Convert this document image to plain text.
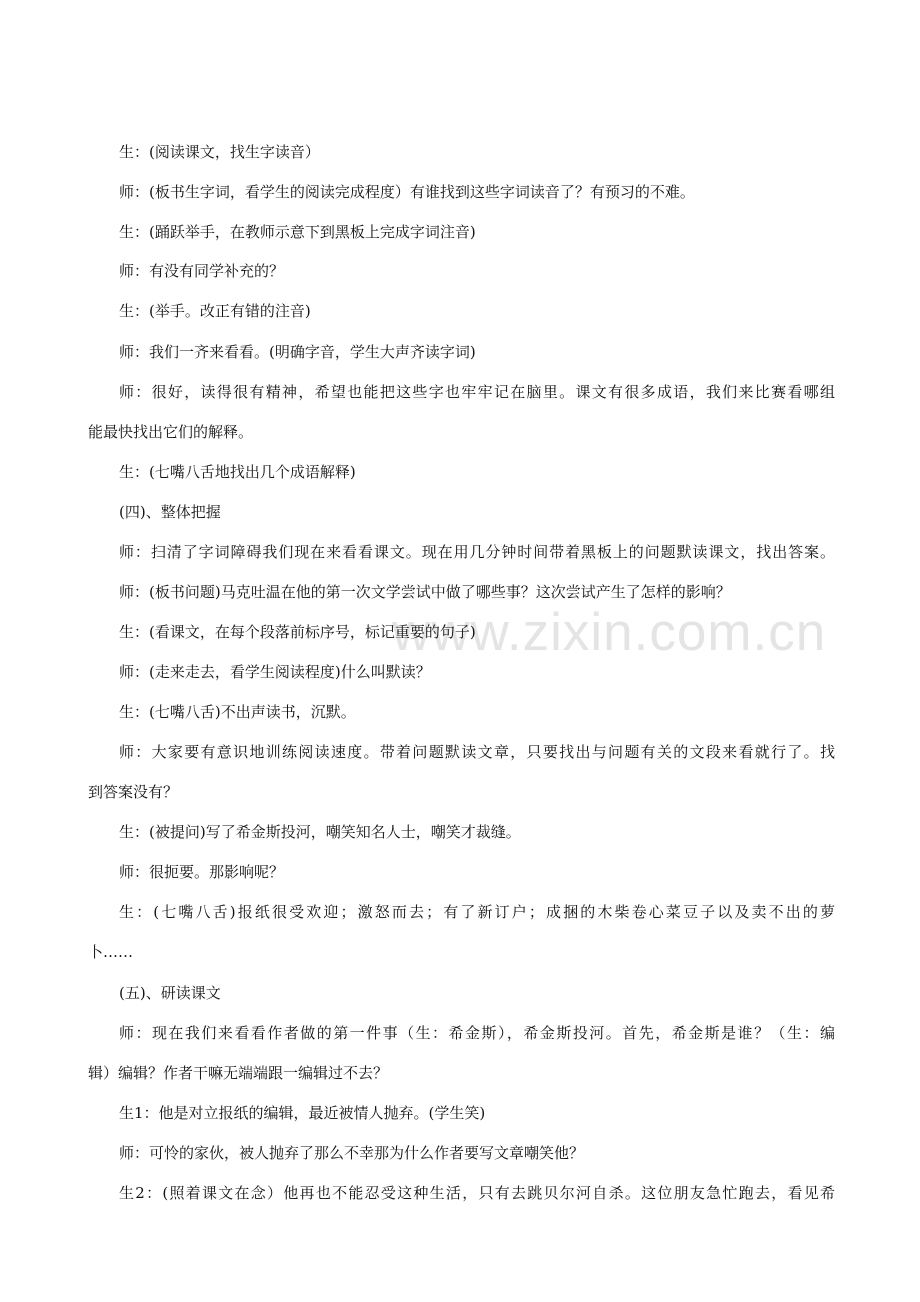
www.zixin.com.cn

生：(阅读课文，找生字读音）

师：(板书生字词，看学生的阅读完成程度）有谁找到这些字词读音了？有预习的不难。

生：(踊跃举手，在教师示意下到黑板上完成字词注音)

师：有没有同学补充的？

生：(举手。改正有错的注音)

师：我们一齐来看看。(明确字音，学生大声齐读字词)

师：很好，读得很有精神，希望也能把这些字也牢牢记在脑里。课文有很多成语，我们来比赛看哪组

能最快找出它们的解释。

生：(七嘴八舌地找出几个成语解释)

(四)、整体把握

师：扫清了字词障碍我们现在来看看课文。现在用几分钟时间带着黑板上的问题默读课文，找出答案。

师：(板书问题)马克吐温在他的第一次文学尝试中做了哪些事？这次尝试产生了怎样的影响？

生：(看课文，在每个段落前标序号，标记重要的句子)

师：(走来走去，看学生阅读程度)什么叫默读？

生：(七嘴八舌)不出声读书，沉默。

师：大家要有意识地训练阅读速度。带着问题默读文章，只要找出与问题有关的文段来看就行了。找

到答案没有？

生：(被提问)写了希金斯投河，嘲笑知名人士，嘲笑才裁缝。

师：很扼要。那影响呢？

生：(七嘴八舌)报纸很受欢迎；激怒而去；有了新订户；成捆的木柴卷心菜豆子以及卖不出的萝

卜……

(五)、研读课文

师：现在我们来看看作者做的第一件事（生：希金斯），希金斯投河。首先，希金斯是谁？（生：编

辑）编辑？作者干嘛无端端跟一编辑过不去？

生1：他是对立报纸的编辑，最近被情人抛弃。(学生笑)

师：可怜的家伙，被人抛弃了那么不幸那为什么作者要写文章嘲笑他？

生2：(照着课文在念）他再也不能忍受这种生活，只有去跳贝尔河自杀。这位朋友急忙跑去，看见希
